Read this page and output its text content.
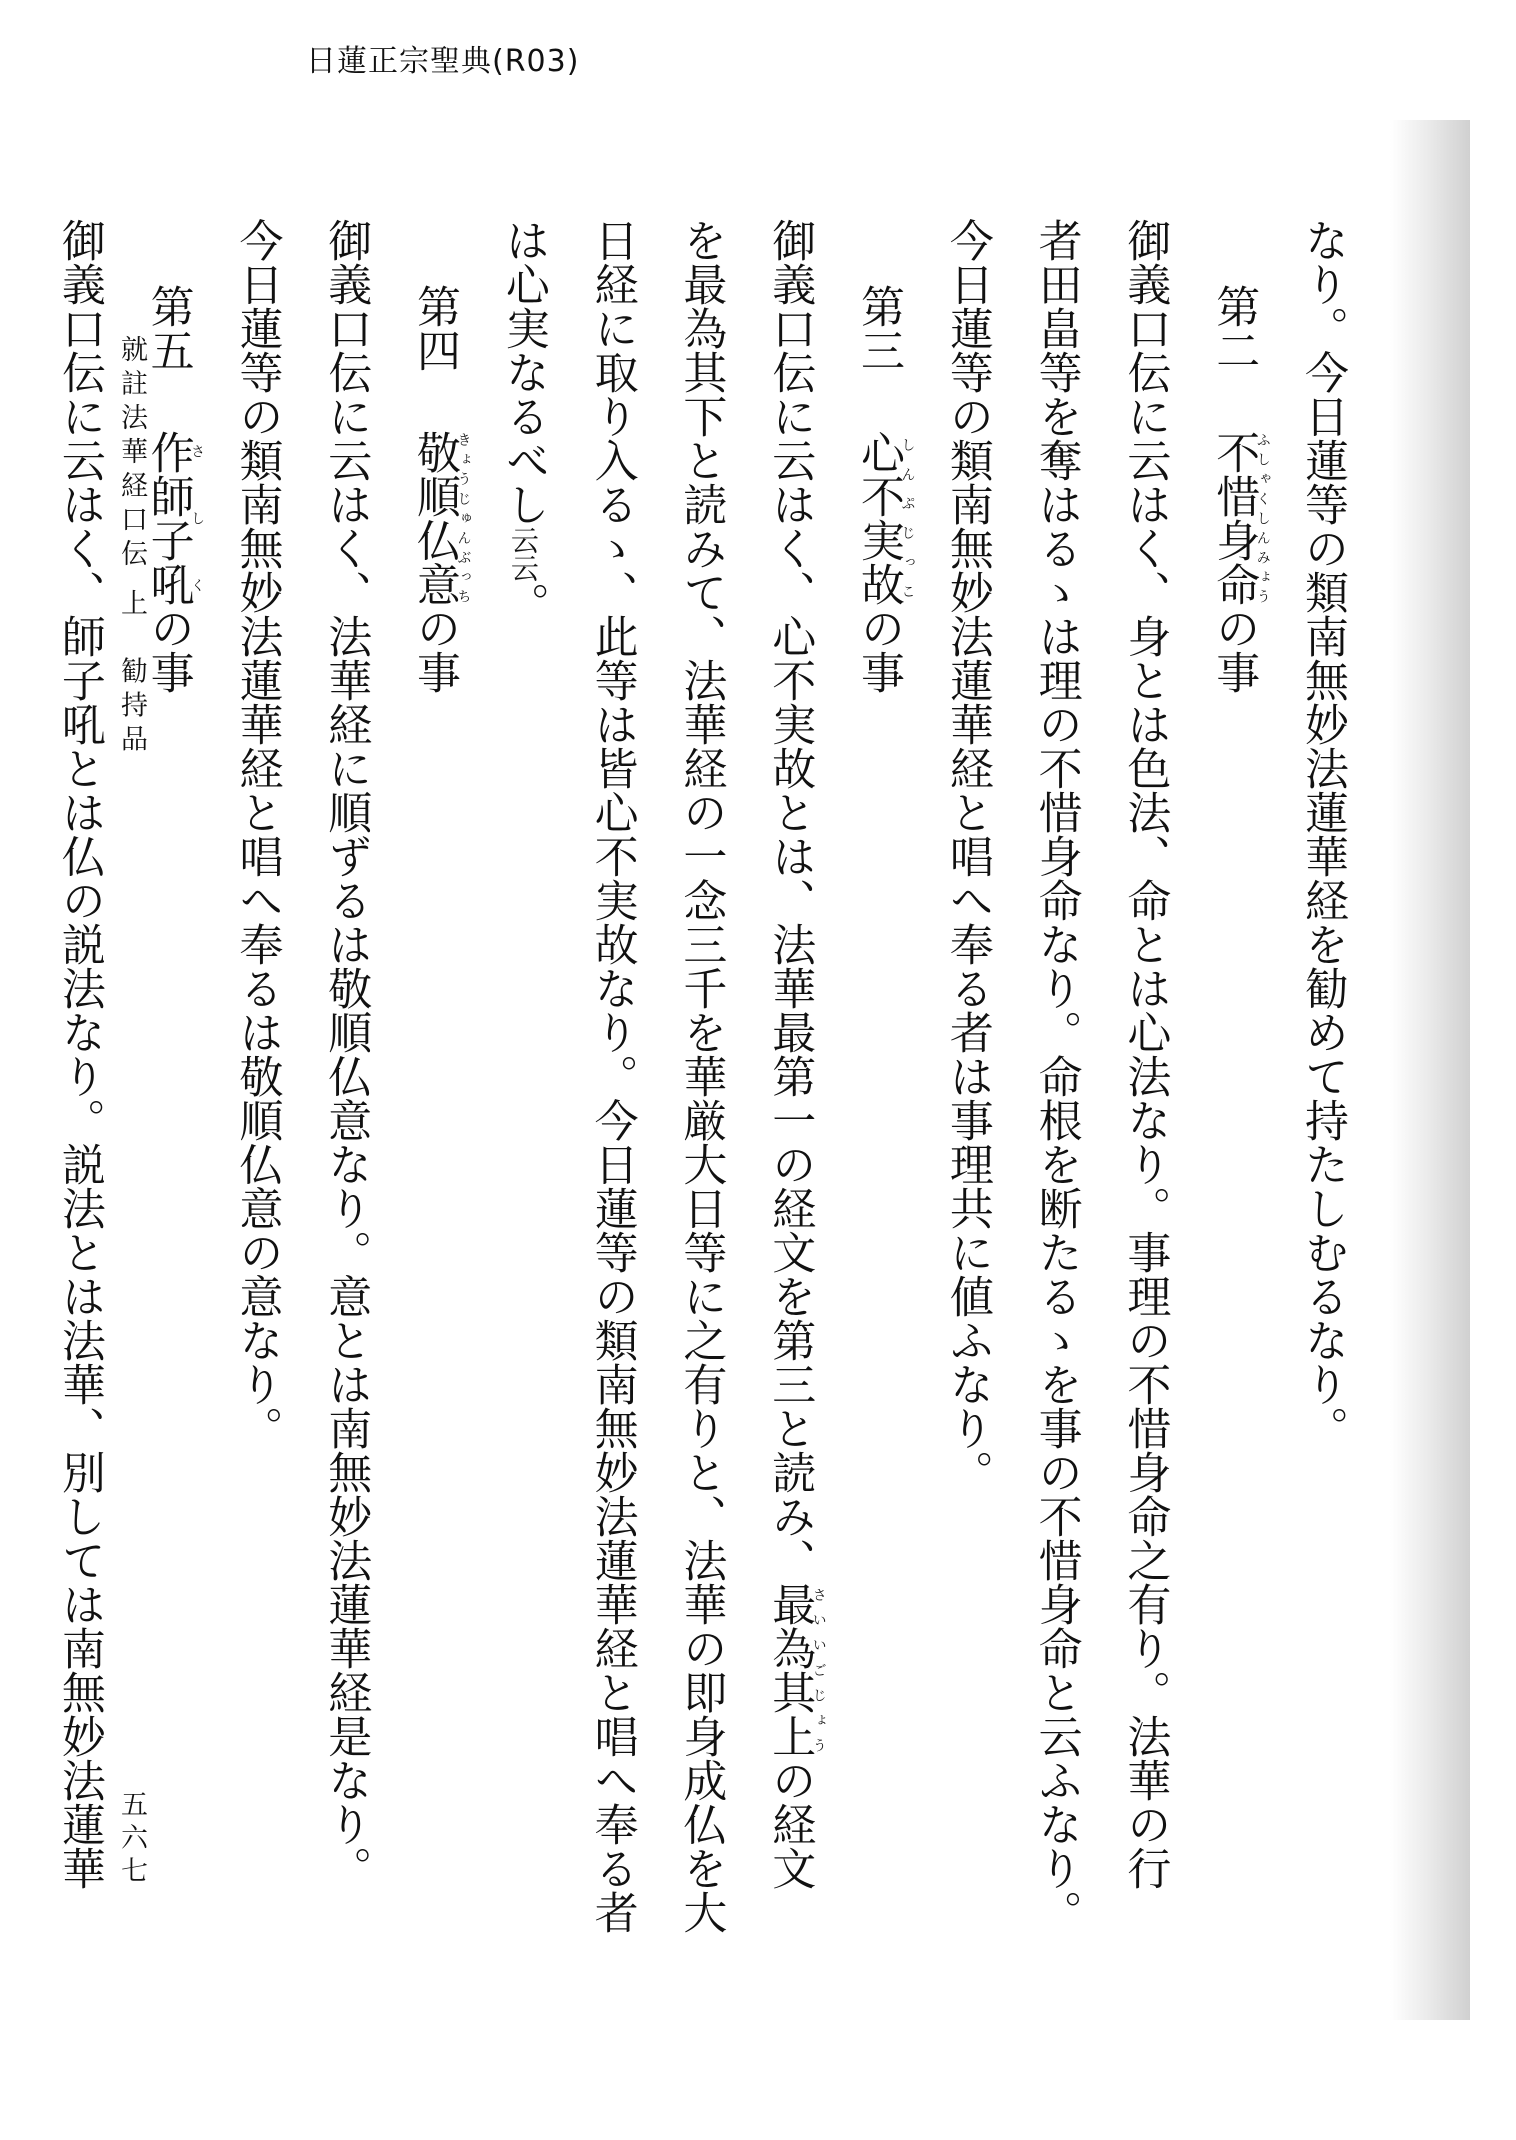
日蓮正宗聖典(R03)
なり。今日蓮等の類南無妙法蓮華経を勧めて持たしむるなり。
第二 不惜身命ふしゃくしんみょうの事
御義口伝に云はく、身とは色法、命とは心法なり。事理の不惜身命之有り。法華の行
者田畠等を奪はるゝは理の不惜身命なり。命根を断たるゝを事の不惜身命と云ふなり。
今日蓮等の類南無妙法蓮華経と唱へ奉る者は事理共に値ふなり。
第三 心不実故しんぷじっこの事
御義口伝に云はく、心不実故とは、法華最第一の経文を第三と読み、最為其上さいいごじょうの経文
を最為其下と読みて、法華経の一念三千を華厳大日等に之有りと、法華の即身成仏を大
日経に取り入るゝ、此等は皆心不実故なり。今日蓮等の類南無妙法蓮華経と唱へ奉る者
は心実なるべし云云。
第四 敬順仏意きょうじゅんぶっちの事
御義口伝に云はく、法華経に順ずるは敬順仏意なり。意とは南無妙法蓮華経是なり。
今日蓮等の類南無妙法蓮華経と唱へ奉るは敬順仏意の意なり。
第五 作師子吼さしくの事
御義口伝に云はく、師子吼とは仏の説法なり。説法とは法華、別しては南無妙法蓮華 就註法華経口伝 上　勧持品
五六七
